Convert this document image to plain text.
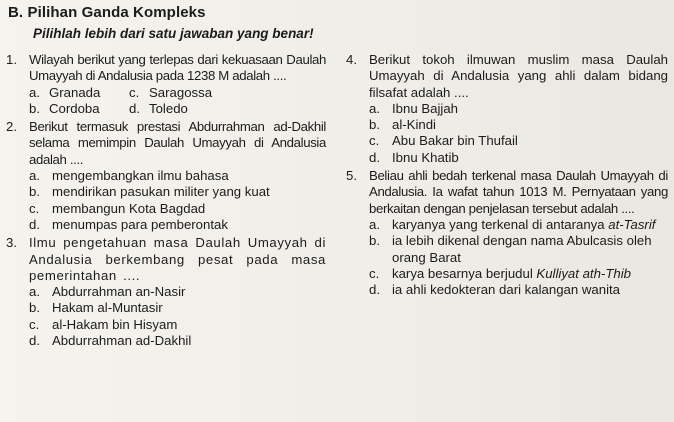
B. Pilihan Ganda Kompleks
Pilihlah lebih dari satu jawaban yang benar!
1. Wilayah berikut yang terlepas dari kekuasaan Daulah Umayyah di Andalusia pada 1238 M adalah ....
a. Granada	c. Saragossa
b. Cordoba	d. Toledo
2. Berikut termasuk prestasi Abdurrahman ad-Dakhil selama memimpin Daulah Umayyah di Andalusia adalah ....
a. mengembangkan ilmu bahasa
b. mendirikan pasukan militer yang kuat
c. membangun Kota Bagdad
d. menumpas para pemberontak
3. Ilmu pengetahuan masa Daulah Umayyah di Andalusia berkembang pesat pada masa pemerintahan ....
a. Abdurrahman an-Nasir
b. Hakam al-Muntasir
c. al-Hakam bin Hisyam
d. Abdurrahman ad-Dakhil
4. Berikut tokoh ilmuwan muslim masa Daulah Umayyah di Andalusia yang ahli dalam bidang filsafat adalah ....
a. Ibnu Bajjah
b. al-Kindi
c. Abu Bakar bin Thufail
d. Ibnu Khatib
5. Beliau ahli bedah terkenal masa Daulah Umayyah di Andalusia. Ia wafat tahun 1013 M. Pernyataan yang berkaitan dengan penjelasan tersebut adalah ....
a. karyanya yang terkenal di antaranya at-Tasrif
b. ia lebih dikenal dengan nama Abulcasis oleh orang Barat
c. karya besarnya berjudul Kulliyat ath-Thib
d. ia ahli kedokteran dari kalangan wanita
